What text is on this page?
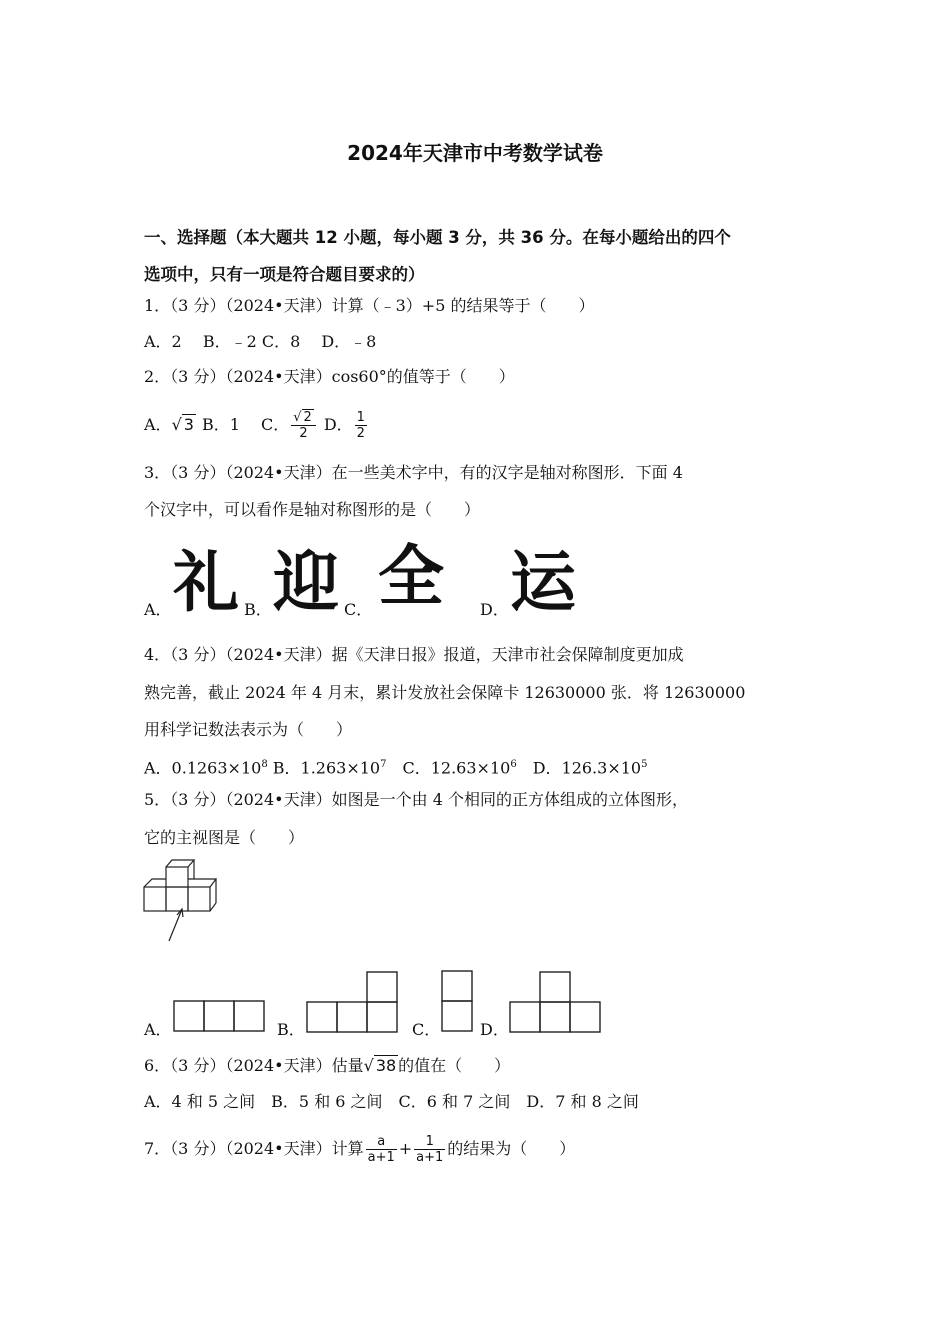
2024年天津市中考数学试卷
一、选择题（本大题共 12 小题，每小题 3 分，共 36 分。在每小题给出的四个
选项中，只有一项是符合题目要求的）
1．（3 分）（2024•天津）计算（﹣3）+5 的结果等于（　　）
A．2　 B．﹣2 C．8　 D．﹣8
2．（3 分）（2024•天津）cos60°的值等于（　　）
A． √ 3 B．1　 C． $\frac{√ 2}{2}$ D． $\frac{1}{2}$
3．（3 分）（2024•天津）在一些美术字中，有的汉字是轴对称图形．下面 4
个汉字中，可以看作是轴对称图形的是（　　）
A． 礼 B． 迎 C． 全 D． 运
4．（3 分）（2024•天津）据《天津日报》报道，天津市社会保障制度更加成
熟完善，截止 2024 年 4 月末，累计发放社会保障卡 12630000 张．将 12630000
用科学记数法表示为（　　）
A．$0.1263\times 10^8$ B．$1.263\times 10^7$　C．$12.63\times 10^6$　D．$126.3\times 10^5$
5．（3 分）（2024•天津）如图是一个由 4 个相同的正方体组成的立体图形，
它的主视图是（　　）
A．	B．	C． D．
6．（3 分）（2024•天津）估量√ 38 的值在（　　）
A．4 和 5 之间　B．5 和 6 之间　C．6 和 7 之间　D．7 和 8 之间
7．（3 分）（2024•天津）计算 $\frac{a}{a+1} + \frac{1}{a+1}$ 的结果为（　　）
